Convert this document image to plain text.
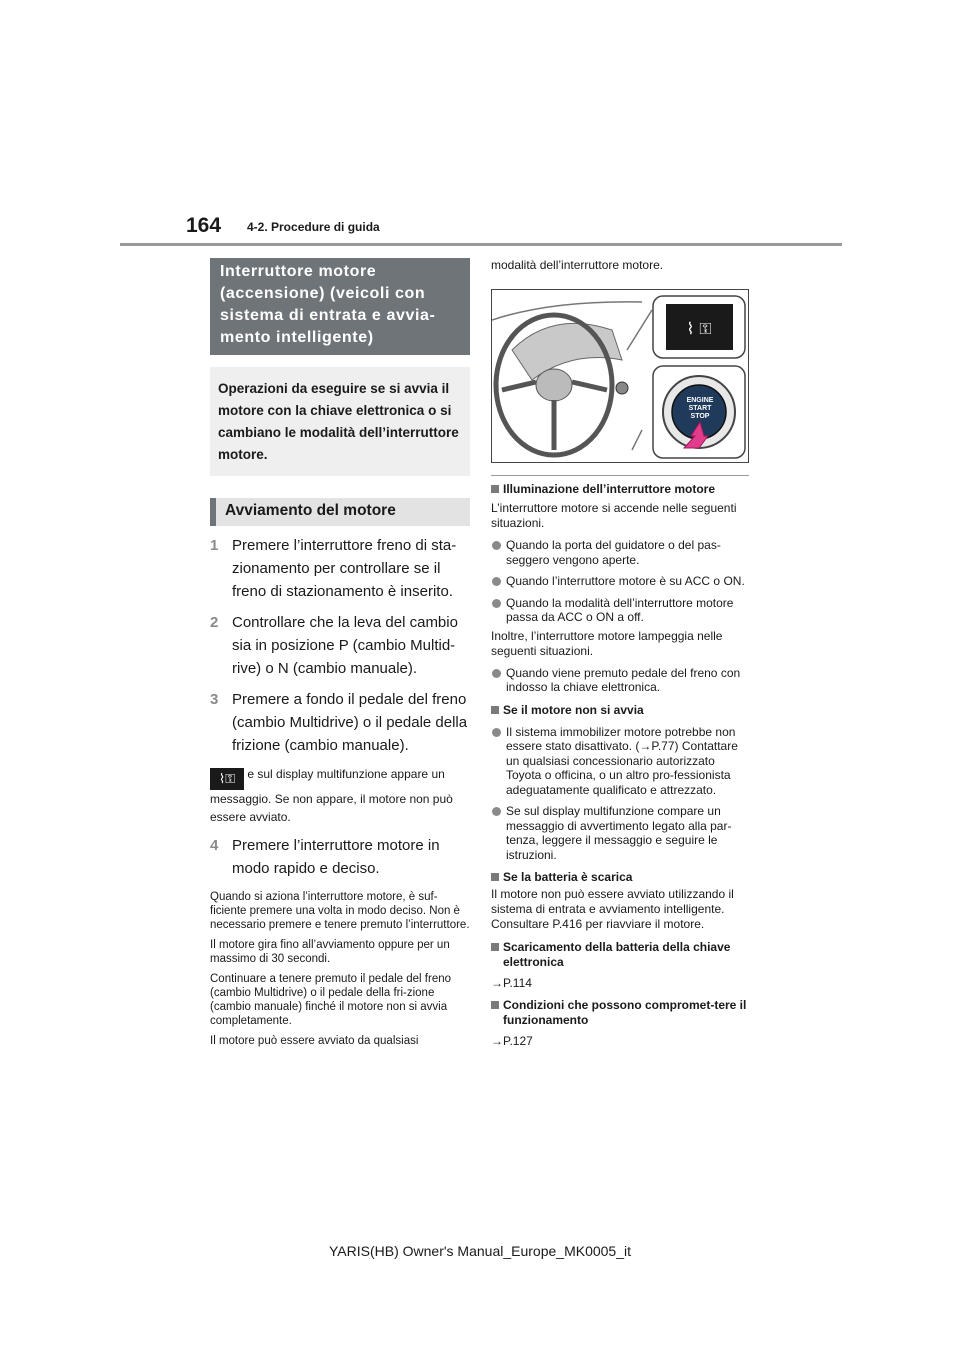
164 4-2. Procedure di guida
Interruttore motore (accensione) (veicoli con sistema di entrata e avvia-mento intelligente)
Operazioni da eseguire se si avvia il motore con la chiave elettronica o si cambiano le modalità dell’interruttore motore.
Avviamento del motore
1 Premere l’interruttore freno di sta-zionamento per controllare se il freno di stazionamento è inserito.
2 Controllare che la leva del cambio sia in posizione P (cambio Multid-rive) o N (cambio manuale).
3 Premere a fondo il pedale del freno (cambio Multidrive) o il pedale della frizione (cambio manuale).
⌇⚿ e sul display multifunzione appare un messaggio. Se non appare, il motore non può essere avviato.
4 Premere l’interruttore motore in modo rapido e deciso.
Quando si aziona l’interruttore motore, è suf-ficiente premere una volta in modo deciso. Non è necessario premere e tenere premuto l’interruttore.
Il motore gira fino all’avviamento oppure per un massimo di 30 secondi.
Continuare a tenere premuto il pedale del freno (cambio Multidrive) o il pedale della fri-zione (cambio manuale) finché il motore non si avvia completamente.
Il motore può essere avviato da qualsiasi
modalità dell’interruttore motore.
⌇ ⚿
ENGINE
START
STOP
Illuminazione dell’interruttore motore
L’interruttore motore si accende nelle seguenti situazioni.
Quando la porta del guidatore o del pas-seggero vengono aperte.
Quando l’interruttore motore è su ACC o ON.
Quando la modalità dell’interruttore motore passa da ACC o ON a off.
Inoltre, l’interruttore motore lampeggia nelle seguenti situazioni.
Quando viene premuto pedale del freno con indosso la chiave elettronica.
Se il motore non si avvia
Il sistema immobilizer motore potrebbe non essere stato disattivato. (→P.77) Contattare un qualsiasi concessionario autorizzato Toyota o officina, o un altro pro-fessionista adeguatamente qualificato e attrezzato.
Se sul display multifunzione compare un messaggio di avvertimento legato alla par-tenza, leggere il messaggio e seguire le istruzioni.
Se la batteria è scarica
Il motore non può essere avviato utilizzando il sistema di entrata e avviamento intelligente. Consultare P.416 per riavviare il motore.
Scaricamento della batteria della chiave elettronica
→P.114
Condizioni che possono compromet-tere il funzionamento
→P.127
YARIS(HB) Owner's Manual_Europe_MK0005_it
